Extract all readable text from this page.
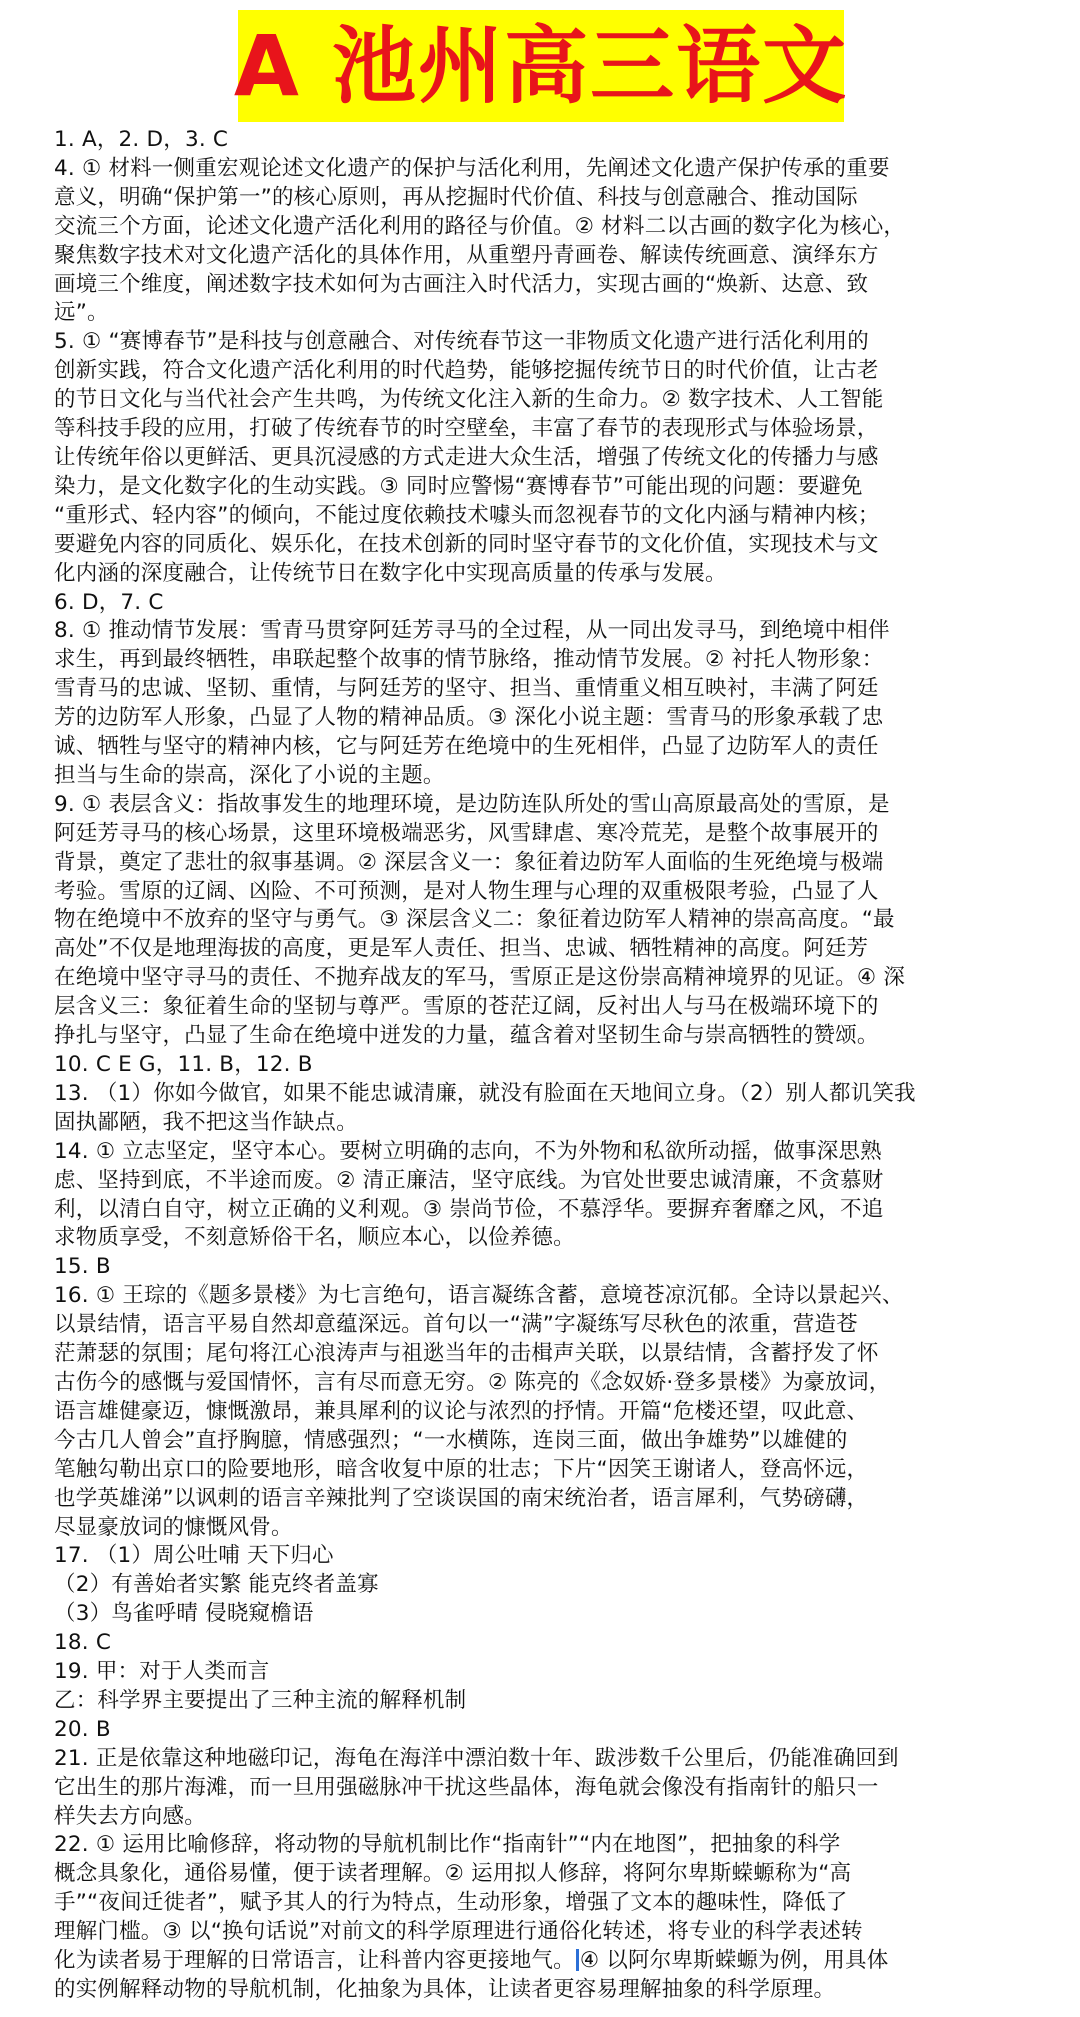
A 池州高三语文
1. A，2. D，3. C
4. ① 材料一侧重宏观论述文化遗产的保护与活化利用，先阐述文化遗产保护传承的重要
意义，明确“保护第一”的核心原则，再从挖掘时代价值、科技与创意融合、推动国际
交流三个方面，论述文化遗产活化利用的路径与价值。② 材料二以古画的数字化为核心，
聚焦数字技术对文化遗产活化的具体作用，从重塑丹青画卷、解读传统画意、演绎东方
画境三个维度，阐述数字技术如何为古画注入时代活力，实现古画的“焕新、达意、致
远”。
5. ① “赛博春节”是科技与创意融合、对传统春节这一非物质文化遗产进行活化利用的
创新实践，符合文化遗产活化利用的时代趋势，能够挖掘传统节日的时代价值，让古老
的节日文化与当代社会产生共鸣，为传统文化注入新的生命力。② 数字技术、人工智能
等科技手段的应用，打破了传统春节的时空壁垒，丰富了春节的表现形式与体验场景，
让传统年俗以更鲜活、更具沉浸感的方式走进大众生活，增强了传统文化的传播力与感
染力，是文化数字化的生动实践。③ 同时应警惕“赛博春节”可能出现的问题：要避免
“重形式、轻内容”的倾向，不能过度依赖技术噱头而忽视春节的文化内涵与精神内核；
要避免内容的同质化、娱乐化，在技术创新的同时坚守春节的文化价值，实现技术与文
化内涵的深度融合，让传统节日在数字化中实现高质量的传承与发展。
6. D，7. C
8. ① 推动情节发展：雪青马贯穿阿廷芳寻马的全过程，从一同出发寻马，到绝境中相伴
求生，再到最终牺牲，串联起整个故事的情节脉络，推动情节发展。② 衬托人物形象：
雪青马的忠诚、坚韧、重情，与阿廷芳的坚守、担当、重情重义相互映衬，丰满了阿廷
芳的边防军人形象，凸显了人物的精神品质。③ 深化小说主题：雪青马的形象承载了忠
诚、牺牲与坚守的精神内核，它与阿廷芳在绝境中的生死相伴，凸显了边防军人的责任
担当与生命的崇高，深化了小说的主题。
9. ① 表层含义：指故事发生的地理环境，是边防连队所处的雪山高原最高处的雪原，是
阿廷芳寻马的核心场景，这里环境极端恶劣，风雪肆虐、寒冷荒芜，是整个故事展开的
背景，奠定了悲壮的叙事基调。② 深层含义一：象征着边防军人面临的生死绝境与极端
考验。雪原的辽阔、凶险、不可预测，是对人物生理与心理的双重极限考验，凸显了人
物在绝境中不放弃的坚守与勇气。③ 深层含义二：象征着边防军人精神的崇高高度。“最
高处”不仅是地理海拔的高度，更是军人责任、担当、忠诚、牺牲精神的高度。阿廷芳
在绝境中坚守寻马的责任、不抛弃战友的军马，雪原正是这份崇高精神境界的见证。④ 深
层含义三：象征着生命的坚韧与尊严。雪原的苍茫辽阔，反衬出人与马在极端环境下的
挣扎与坚守，凸显了生命在绝境中迸发的力量，蕴含着对坚韧生命与崇高牺牲的赞颂。
10. C E G，11. B，12. B
13. （1）你如今做官，如果不能忠诚清廉，就没有脸面在天地间立身。（2）别人都讥笑我
固执鄙陋，我不把这当作缺点。
14. ① 立志坚定，坚守本心。要树立明确的志向，不为外物和私欲所动摇，做事深思熟
虑、坚持到底，不半途而废。② 清正廉洁，坚守底线。为官处世要忠诚清廉，不贪慕财
利，以清白自守，树立正确的义利观。③ 崇尚节俭，不慕浮华。要摒弃奢靡之风，不追
求物质享受，不刻意矫俗干名，顺应本心，以俭养德。
15. B
16. ① 王琮的《题多景楼》为七言绝句，语言凝练含蓄，意境苍凉沉郁。全诗以景起兴、
以景结情，语言平易自然却意蕴深远。首句以一“满”字凝练写尽秋色的浓重，营造苍
茫萧瑟的氛围；尾句将江心浪涛声与祖逖当年的击楫声关联，以景结情，含蓄抒发了怀
古伤今的感慨与爱国情怀，言有尽而意无穷。② 陈亮的《念奴娇·登多景楼》为豪放词，
语言雄健豪迈，慷慨激昂，兼具犀利的议论与浓烈的抒情。开篇“危楼还望，叹此意、
今古几人曾会”直抒胸臆，情感强烈；“一水横陈，连岗三面，做出争雄势”以雄健的
笔触勾勒出京口的险要地形，暗含收复中原的壮志；下片“因笑王谢诸人，登高怀远，
也学英雄涕”以讽刺的语言辛辣批判了空谈误国的南宋统治者，语言犀利，气势磅礴，
尽显豪放词的慷慨风骨。
17. （1）周公吐哺 天下归心
（2）有善始者实繁 能克终者盖寡
（3）鸟雀呼晴 侵晓窥檐语
18. C
19. 甲：对于人类而言
乙：科学界主要提出了三种主流的解释机制
20. B
21. 正是依靠这种地磁印记，海龟在海洋中漂泊数十年、跋涉数千公里后，仍能准确回到
它出生的那片海滩，而一旦用强磁脉冲干扰这些晶体，海龟就会像没有指南针的船只一
样失去方向感。
22. ① 运用比喻修辞，将动物的导航机制比作“指南针”“内在地图”，把抽象的科学
概念具象化，通俗易懂，便于读者理解。② 运用拟人修辞，将阿尔卑斯蝾螈称为“高
手”“夜间迁徙者”，赋予其人的行为特点，生动形象，增强了文本的趣味性，降低了
理解门槛。③ 以“换句话说”对前文的科学原理进行通俗化转述，将专业的科学表述转
化为读者易于理解的日常语言，让科普内容更接地气。 ④ 以阿尔卑斯蝾螈为例，用具体
的实例解释动物的导航机制，化抽象为具体，让读者更容易理解抽象的科学原理。
